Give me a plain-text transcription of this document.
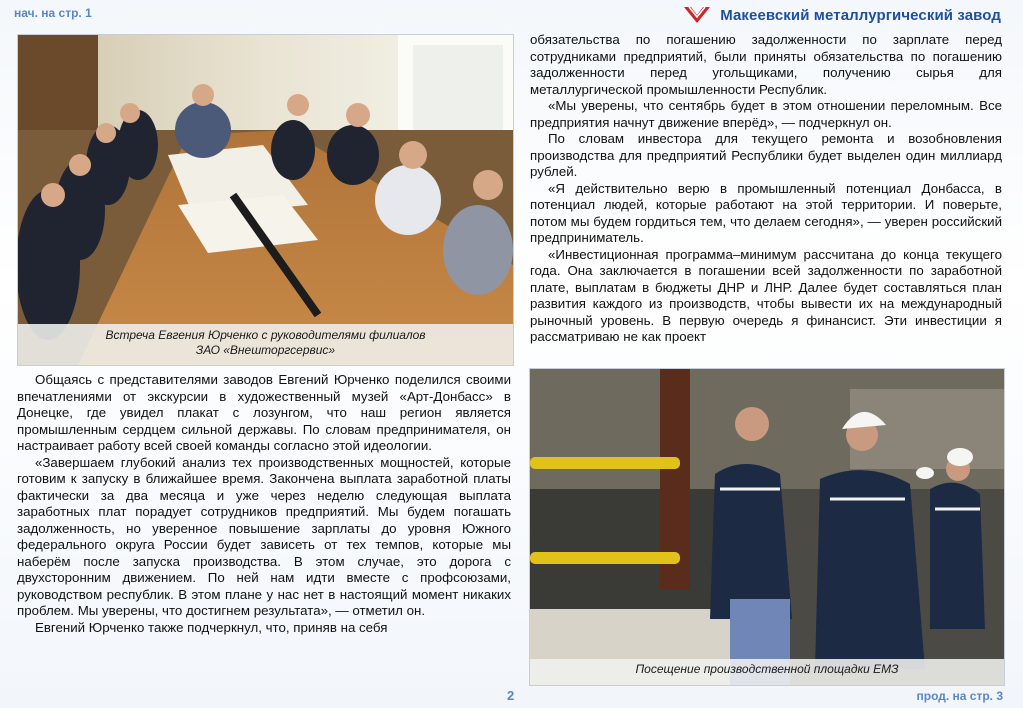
нач. на стр. 1	Макеевский металлургический завод
Встреча Евгения Юрченко с руководителями филиалов
ЗАО «Внешторгсервис»

Общаясь с представителями заводов Евгений Юрченко поделился своими впечатлениями от экскурсии в художественный музей «Арт-Донбасс» в Донецке, где увидел плакат с лозунгом, что наш регион является промышленным сердцем сильной державы. По словам предпринимателя, он настраивает работу всей своей команды согласно этой идеологии.

«Завершаем глубокий анализ тех производственных мощностей, которые готовим к запуску в ближайшее время. Закончена выплата заработной платы фактически за два месяца и уже через неделю следующая выплата заработных плат порадует сотрудников предприятий. Мы будем погашать задолженность, но уверенное повышение зарплаты до уровня Южного федерального округа России будет зависеть от тех темпов, которые мы наберём после запуска производства. В этом случае, это дорога с двухсторонним движением. По ней нам идти вместе с профсоюзами, руководством республик. В этом плане у нас нет в настоящий момент никаких проблем. Мы уверены, что достигнем результата», — отметил он.

Евгений Юрченко также подчеркнул, что, приняв на себя

обязательства по погашению задолженности по зарплате перед сотрудниками предприятий, были приняты обязательства по погашению задолженности перед угольщиками, получению сырья для металлургической промышленности Республик.

«Мы уверены, что сентябрь будет в этом отношении переломным. Все предприятия начнут движение вперёд», — подчеркнул он.

По словам инвестора для текущего ремонта и возобновления производства для предприятий Республики будет выделен один миллиард рублей.

«Я действительно верю в промышленный потенциал Донбасса, в потенциал людей, которые работают на этой территории. И поверьте, потом мы будем гордиться тем, что делаем сегодня», — уверен российский предприниматель.

«Инвестиционная программа–минимум рассчитана до конца текущего года. Она заключается в погашении всей задолженности по заработной плате, выплатам в бюджеты ДНР и ЛНР. Далее будет составляться план развития каждого из производств, чтобы вывести их на международный рыночный уровень. В первую очередь я финансист. Эти инвестиции я рассматриваю не как проект

Посещение производственной площадки ЕМЗ
2	прод. на стр. 3
